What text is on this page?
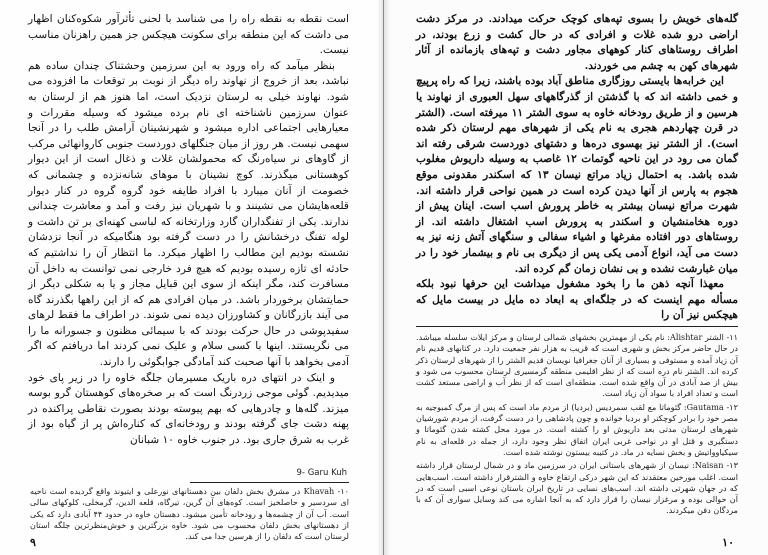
است نقطه به نقطه راه را می شناسد با لحنی تأثرآور شکوه‌کنان اظهار می داشت که این منطقه برای سکونت هیچکس جز همین راهزنان مناسب نیست.

بنظر میآمد که راه ورود به این سرزمین وحشتناک چندان ساده هم نباشد، بعد از خروج از نهاوند راه دیگر از نوبت بر توقعات ما افزوده می شود. نهاوند خیلی به لرستان نزدیک است، اما هنوز هم از لرستان به عنوان سرزمین ناشناخته ای نام برده میشود که وسیله مقررات و معیارهایی اجتماعی اداره میشود و شهرنشینان آرامش طلب را در آنجا سهمی نیست. هر روز از میان جنگلهای دوردست جنوبی کاروانهائی مرکب از گاوهای نر سیاه‌رنگ که محمولشان غلات و ذغال است از این دیوار کوهستانی میگذرند. کوچ نشینان با موهای شانه‌نزده و چشمانی که خصومت از آنان میبارد با افراد طایفه خود گروه گروه در کنار دیوار قلعه‌هایشان می نشینند و با شهریان نیز رفت و آمد و معاشرت چندانی ندارند. یکی از تفنگداران گارد وزارتخانه که لباسی کهنه‌ای بر تن داشت و لوله تفنگ درخشانش را در دست گرفته بود هنگامیکه در آنجا نزدشان نشسته بودیم این مطالب را اظهار میکرد. ما انتظار آن را نداشتیم که حادثه ای تازه رسیده بودیم که هیچ فرد خارجی نمی توانست به داخل آن مسافرت کند، مگر اینکه از سوی این قبایل مجاز و یا به شکلی دیگر از حمایتشان برخوردار باشد. در میان افرادی هم که از این راهها بگذرند گاه می آیند بازرگانان و کشاورزان دیده نمی شوند. در اطراف ما فقط لرهای سفیدپوشی در حال حرکت بودند که با سیمائی مظنون و جسورانه ما را می نگریستند. اینها با کسی سلام و علیک نمی کردند اما دریافتم که اگر آدمی بخواهد با آنها صحبت کند آمادگی جوابگوئی را دارند.

و اینک در انتهای دره باریک مسیرمان جلگه خاوه را در زیر پای خود میدیدیم. گوئی موجی زردرنگ است که بر صخره‌های کوهستان گرو بوسه میزند. گله‌ها و چادرهایی که بهم پیوسته بودند بصورت نقاطی پراکنده در پهنه دشت جای گرفته بودند و رودخانه‌ای که کناره‌اش پر از گیاه بود از غرب به شرق جاری بود. در جنوب خاوه ۱۰ شبانان

9- Garu Kuh

۱۰- Khavah در مشرق بخش دلفان بین دهستانهای نورعلی و ایتیوند واقع گردیده است ناحیه ای سردسیر و حاصلخیز است. کوه‌های آن گرین، تیرگاه، قلعه الدین، گرمخلی، کلوکهای سالی است. آب آن از چشمه‌ها و رودخانه تأمین میشود. دهستان خاوه در حدود ۴۴ آبادی دارد که یکی از دهستانهای بخش دلفان محسوب می شود. خاوه بزرگترین و خوش‌منظرترین جلگه استان لرستان است که دلفان را از هرسین جدا می کند.

۹

گله‌های خویش را بسوی تپه‌های کوچک حرکت میدادند. در مرکز دشت اراضی درو شده غلات و افرادی که در حال کشت و زرع بودند، در اطراف روستاهای کنار کوههای مجاور دشت و تپه‌های بازمانده از آثار شهرهای کهن به چشم می خوردند.

این خرابه‌ها بایستی روزگاری مناطق آباد بوده باشند، زیرا که راه پرپیچ و خمی داشته اند که با گذشتن از گذرگاههای سهل العبوری از نهاوند یا هرسین و از طریق رودخانه خاوه به سوی الشتر ۱۱ میرفته است. (الشتر در قرن چهاردهم هجری به نام یکی از شهرهای مهم لرستان ذکر شده است). از الشتر نیز بهسوی دره‌ها و دشتهای دوردست شرقی رفته اند گمان می رود در این ناحیه گوتمات ۱۲ غاصب به وسیله داریوش مغلوب شده باشد. به احتمال زیاد مراتع نیسان ۱۳ که اسکندر مقدونی موقع هجوم به پارس از آنها دیدن کرده است در همین نواحی قرار داشته اند. شهرت مراتع نیسان بیشتر به خاطر پرورش اسب است. اینان پیش از دوره هخامنشیان و اسکندر به پرورش اسب اشتغال داشته اند. از روستاهای دور افتاده مفرغها و اشیاء سفالی و سنگهای آتش زنه نیز به دست می آید، انواع آدمی یکی پس از دیگری بی نام و بیشمار خود را در میان غبارشت نشده و بی نشان زمان گم کرده اند.

معهذا آنچه ذهن ما را بخود مشغول میداشت این حرفها نبود بلکه مسأله مهم اینست که در جلگه‌ای به ابعاد ده مایل در بیست مایل که هیچکس نیز آن را

۱۱- الشتر Alishtar: نام یکی از مهمترین بخشهای شمالی لرستان و مرکز ایلات سلسله میباشد. در حال حاضر مرکز بخش و شهری است که قریب به هزار نفر جمعیت دارد. در کتابهای قدیم نام آن زیاد آمده و مستوفی و بسیاری از آنان جغرافیا نویسان قدیم الشتر را از شهرهای لرستان ذکر کرده اند. الشتر نام دره است که از نظر اقلیمی منطقه گرمسیری لرستان محسوب می شود و بیش از صد آبادی در آن واقع شده است. منطقه‌ای است که از نظر آب و اراضی مستعد کشت است و تعداد افراد با سواد آن زیاد است.

۱۲- Gautama: گئوماتا مع لقب سمردیس (بردیا) از مردم ماد است که پس از مرگ کمبوجیه به مصر خود را برادر کوچکتر او بردیا خوانده و چون پادشاهی را در دست گرفت، از مردم شورشیان شهرهای لرستان مدتی بعد داریوش او را کشته است. در مورد محل کشته شدن گئوماتا و دستگیری و قتل او در نواحی غربی ایران اتفاق نظر وجود دارد، از جمله در قلعه‌ای به نام سیکیاوواتیش و بخش نسایه در ماد. در کتیبه بیستون نوشته شده است.

۱۳- Naisan: نیسان از شهرهای باستانی ایران در سرزمین ماد و در شمال لرستان قرار داشته است. اغلب مورخین معتقدند که این شهر درکی ارتفاع خاوه و الشترقرار داشته است. اسب‌هایی که در جهان شهرتی داشته اند. اسب‌های نسایی در تاریخ ایران باستان نوعی اسبی است که در آن حوالی بوده و مرغزار نیسان را قرار دارد که به آنجا اشاره می کند وسایل سواری آن که با مردگان دفن میکردند.

۱۰
